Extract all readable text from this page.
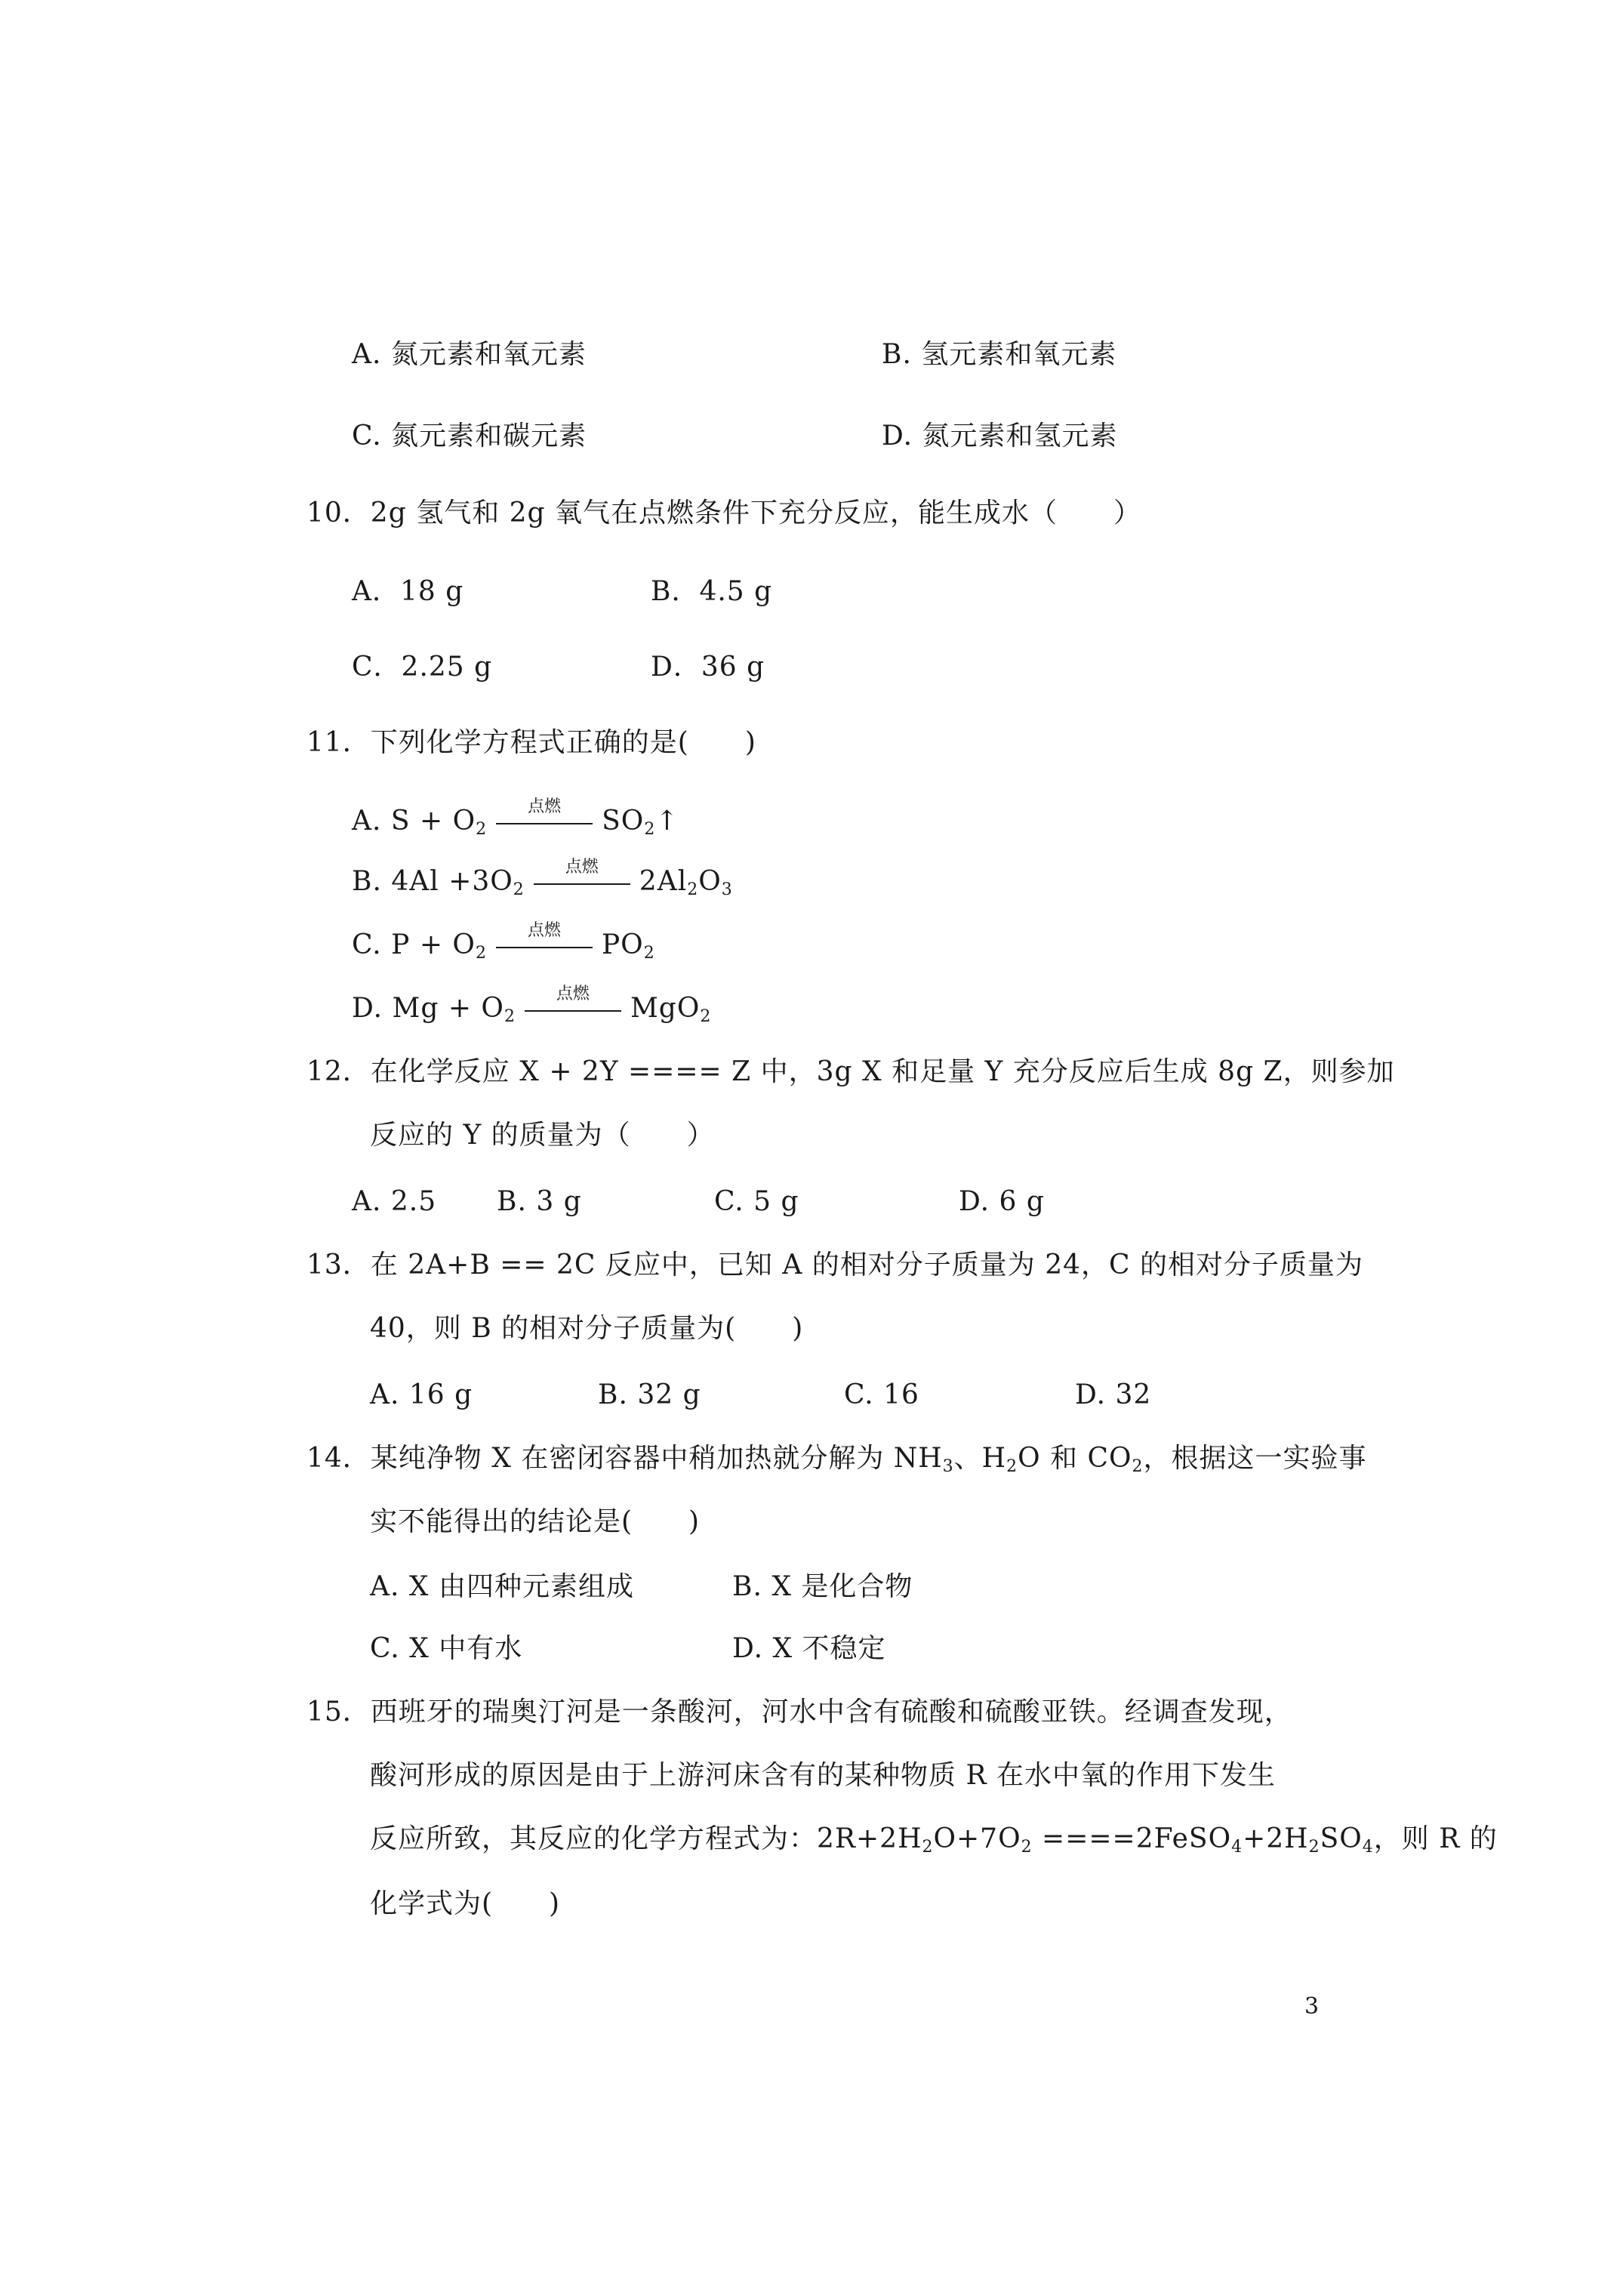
A. 氮元素和氧元素	B. 氢元素和氧元素
C. 氮元素和碳元素	D. 氮元素和氢元素
10．2g 氢气和 2g 氧气在点燃条件下充分反应，能生成水（　　）
A．18 g	B．4.5 g
C．2.25 g	D．36 g
11．下列化学方程式正确的是(　　)
A. $S + O_2$
点燃	$SO_2↑$
B. $4Al +3O_2$
点燃	$2Al_2O_3$
C. $P + O_2$
点燃	$PO_2$
D. $Mg + O_2$
点燃	MgO$_2$
12．在化学反应 X + 2Y ==== Z 中，3g X 和足量 Y 充分反应后生成 8g Z，则参加
反应的 Y 的质量为（　　）
A. 2.5 B. 3 g	C. 5 g	D. 6 g
13．在 2A+B == 2C 反应中，已知 A 的相对分子质量为 24，C 的相对分子质量为
40，则 B 的相对分子质量为(　　)
A. 16 g	B. 32 g	C. 16	D. 32
14．某纯净物 X 在密闭容器中稍加热就分解为 $NH_3$、$H_2O$ 和 $CO_2$，根据这一实验事
实不能得出的结论是(　　)
A. X 由四种元素组成	B. X 是化合物
C. X 中有水	D. X 不稳定
15．西班牙的瑞奥汀河是一条酸河，河水中含有硫酸和硫酸亚铁。经调查发现，
酸河形成的原因是由于上游河床含有的某种物质 R 在水中氧的作用下发生
反应所致，其反应的化学方程式为：$2R+2H_2O+7O_2$ $====2FeSO_4+2H_2SO_4$，则 R 的
化学式为(　　)
3
